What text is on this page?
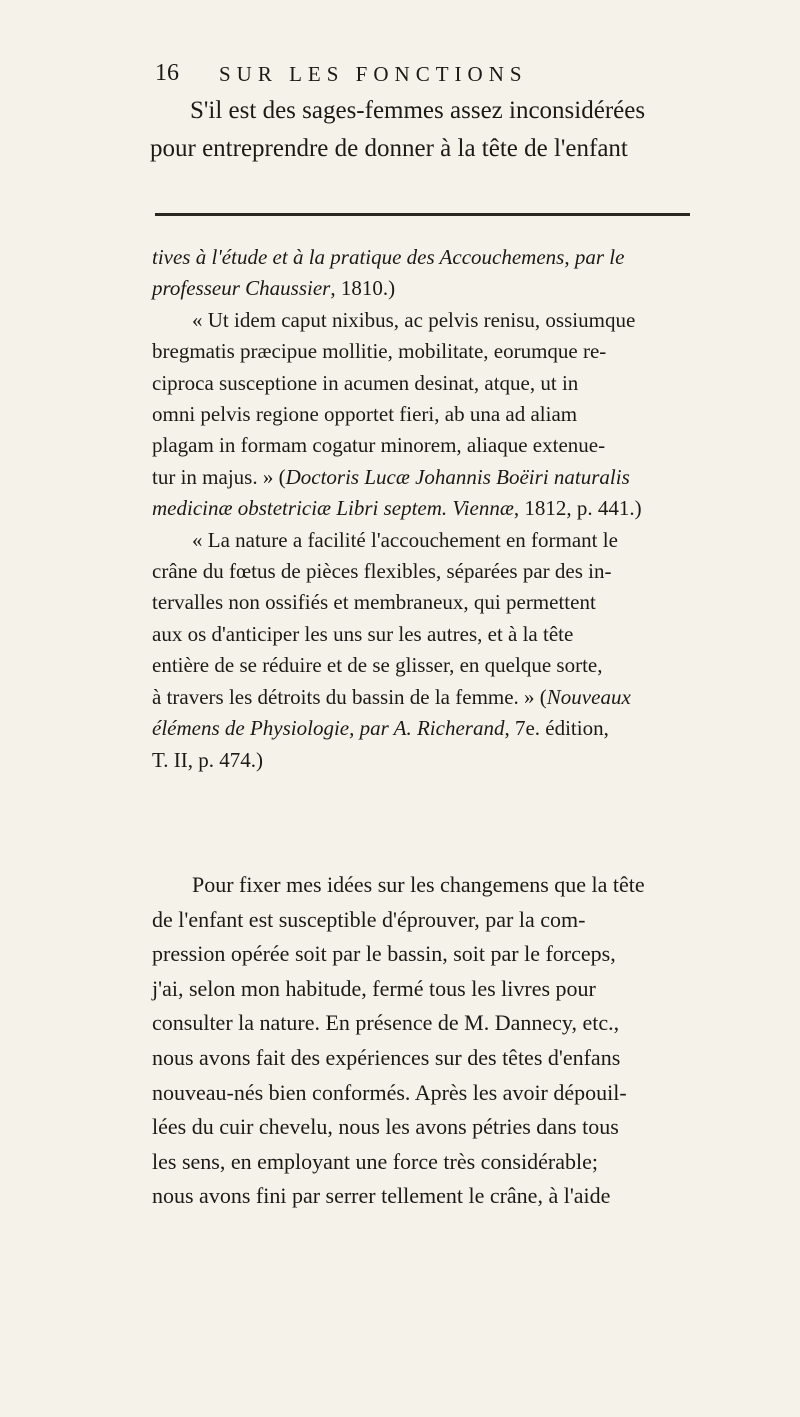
16 SUR LES FONCTIONS
S'il est des sages-femmes assez inconsidérées
pour entreprendre de donner à la tête de l'enfant
tives à l'étude et à la pratique des Accouchemens, par le
professeur Chaussier, 1810.)
« Ut idem caput nixibus, ac pelvis renisu, ossiumque
bregmatis præcipue mollitie, mobilitate, eorumque re-
ciproca susceptione in acumen desinat, atque, ut in
omni pelvis regione opportet fieri, ab una ad aliam
plagam in formam cogatur minorem, aliaque extenue-
tur in majus. » (Doctoris Lucæ Johannis Boëiri naturalis
medicinæ obstetriciæ Libri septem. Viennæ, 1812, p. 441.)
« La nature a facilité l'accouchement en formant le
crâne du fœtus de pièces flexibles, séparées par des in-
tervalles non ossifiés et membraneux, qui permettent
aux os d'anticiper les uns sur les autres, et à la tête
entière de se réduire et de se glisser, en quelque sorte,
à travers les détroits du bassin de la femme. » (Nouveaux
élémens de Physiologie, par A. Richerand, 7e. édition,
T. II, p. 474.)
Pour fixer mes idées sur les changemens que la tête
de l'enfant est susceptible d'éprouver, par la com-
pression opérée soit par le bassin, soit par le forceps,
j'ai, selon mon habitude, fermé tous les livres pour
consulter la nature. En présence de M. Dannecy, etc.,
nous avons fait des expériences sur des têtes d'enfans
nouveau-nés bien conformés. Après les avoir dépouil-
lées du cuir chevelu, nous les avons pétries dans tous
les sens, en employant une force très considérable;
nous avons fini par serrer tellement le crâne, à l'aide
